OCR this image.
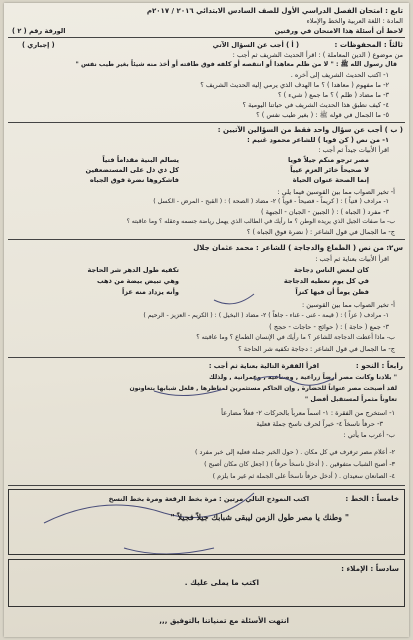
تابع : امتحان الفصل الدراسي الأول للصف السادس الابتدائي ٢٠١٦ / ٢٠١٧م
المادة : اللغة العربية والخط والإملاء
لاحظ أن أسئلة هذا الامتحان في ورقتين
الورقة رقم ( ٢ )
ثالثاً : المحفوظات :
( أ ) أجب عن السؤال الآتي
( إجباري )
من موضوع ( الدين المعاملة ) : اقرأ الحديث الشريف ثم أجب :
قال رسول الله ﷺ : " لا من ظلم معاهدا أو انتقصه أو كلفه فوق طاقته أو أخذ منه شيئاً بغير طيب نفس "
١- اكتب الحديث الشريف إلى آخره .
٢- ما مفهوم ( معاهدا ) ؟ ما الهدف الذي يرمي إليه الحديث الشريف ؟
٣- ما مضاد ( ظلم ) ؟ ما جمع ( شيء ) ؟
٤- كيف نطبق هذا الحديث الشريف في حياتنا اليومية ؟
٥- ما الجمال في قوله ﷺ : ( بغير طيب نفس ) ؟
( ب ) أجب عن سؤال واحد فقط من السؤالين الآتيين :
١- من نص ( كن قويا ) للشاعر محمود غنيم :
اقرأ الأبيات جيداً ثم أجب :
مصر ترجو منكم جيلاً قويا
يسالم البنية مقداماً فتياً
لا صحيحاً خائر العزم عيياً
كل ذي ذل على المستضعفين
إنما الصحة عنوان الحياة
فاشكروها نضرة فوق الجباه
أ- تخير الصواب مما بين القوسين فيما يلي :
١- مرادف ( فتياً ) : ( كريماً - فصيحاً - قوياً ) ٢- مضاد ( الصحة ) : ( القبح - المرض - الكسل )
٣- مفرد ( الجباه ) : ( الجبين - الجبان - الجبهة )
ب- ما صفات الجيل الذي يريده الوطن ؟ ما رأيك في الطالب الذي يهمل رياضة جسمه وعقله ؟ وما عاقبته ؟
ج- ما الجمال في قول الشاعر : ( نضرة فوق الجباه ) ؟
س٢: من نص ( الطماع والدجاجة ) للشاعر : محمد عثمان جلال
اقرأ الأبيات بعناية ثم أجب :
كان لبعض الناس دجاجة
تكفيه طول الدهر شر الحاجة
في كل يوم تعطيه الدجاجة
وهي تبيض بيضة من ذهب
فظن يوماً أن فيها كنزاً
وأنه يزداد منه عزاً
أ- تخير الصواب مما بين القوسين :
١- مرادف ( عزاً ) : ( قيمة - غنى - غناء - جاهاً ) ٢- مضاد ( البخيل ) : ( الكريم - العزيز - الرحيم )
٣- جمع ( حاجة ) : ( حوائج - حاجات - حجج )
ب- ماذا أعطت الدجاجة للشاعر ؟ ما رأيك في الإنسان الطماع ؟ وما عاقبته ؟
ج- ما الجمال في قول الشاعر : دجاجة تكفيه شر الحاجة ؟
رابعاً : النحو :
اقرأ الفقرة التالية بعناية ثم أجب :
" بلادنا وكانت مصر أرضاً زراعية , وصناعية , وعمرانية , ولذلك
لقد أصبحت مصر عنواناً للحضارة , وإن الحاكم مستثمرين لمناظرها , فلعل شبابها يتعاونون
تعاوناً مثمراً لمستقبل أفضل "
١- استخرج من الفقرة : ١- اسماً معرباً بالحركات ٢- فعلاً مضارعاً
٣- حرفاً ناسخاً ٤- خبراً لحرف ناسخ جملة فعلية
ب- أعرب ما يأتي :
٢- أعلام مصر ترفرف في كل مكان . ( حول الخبر جملة فعلية إلى خبر مفرد )
٣- أصبح الشباب متفوقين . ( أدخل ناسخاً حرفاً ) ( اجعل كان مكان أصبح )
٤- الصانعان سعيدان . ( أدخل حرفاً ناسخاً على الجملة ثم غير ما يلزم )
خامساً : الخط :
اكتب النموذج التالي مرتين : مرة بخط الرقعة ومرة بخط النسخ
" وطنك يا مصر طول الزمن ليبقى شبابك جيلاً فجيلاً "
سادساً : الإملاء :
اكتب ما يملى عليك .
انتهت الأسئلة مع تمنياتنا بالتوفيق ,,,
